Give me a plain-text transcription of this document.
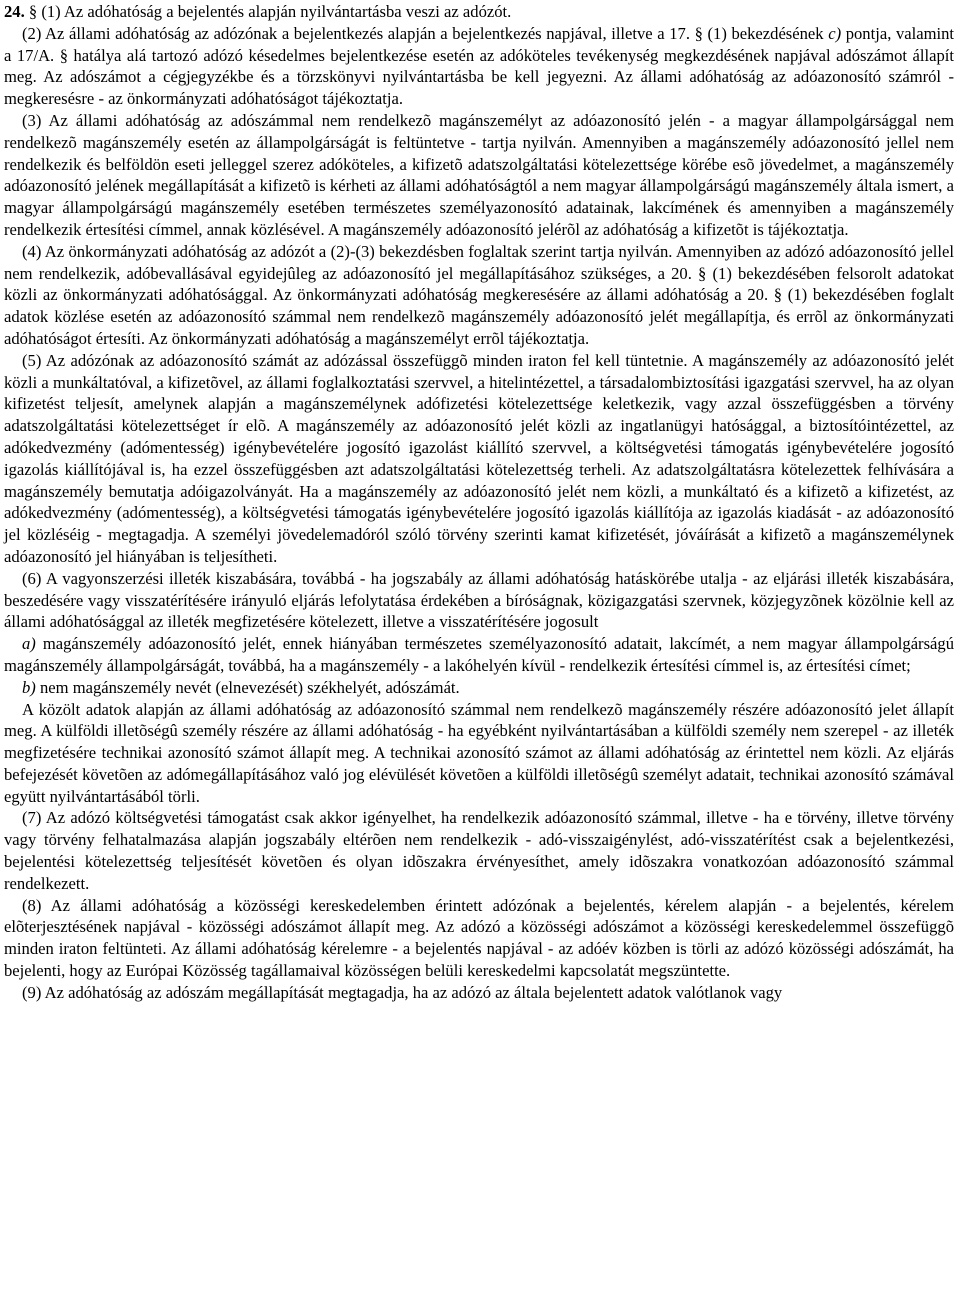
24. § (1) Az adóhatóság a bejelentés alapján nyilvántartásba veszi az adózót.

(2) Az állami adóhatóság az adózónak a bejelentkezés alapján a bejelentkezés napjával, illetve a 17. § (1) bekezdésének c) pontja, valamint a 17/A. § hatálya alá tartozó adózó késedelmes bejelentkezése esetén az adóköteles tevékenység megkezdésének napjával adószámot állapít meg. Az adószámot a cégjegyzékbe és a törzskönyvi nyilvántartásba be kell jegyezni. Az állami adóhatóság az adóazonosító számról - megkeresésre - az önkormányzati adóhatóságot tájékoztatja.

(3) Az állami adóhatóság az adószámmal nem rendelkezõ magánszemélyt az adóazonosító jelén - a magyar állampolgársággal nem rendelkezõ magánszemély esetén az állampolgárságát is feltüntetve - tartja nyilván. Amennyiben a magánszemély adóazonosító jellel nem rendelkezik és belföldön eseti jelleggel szerez adóköteles, a kifizetõ adatszolgáltatási kötelezettsége körébe esõ jövedelmet, a magánszemély adóazonosító jelének megállapítását a kifizetõ is kérheti az állami adóhatóságtól a nem magyar állampolgárságú magánszemély általa ismert, a magyar állampolgárságú magánszemély esetében természetes személyazonosító adatainak, lakcímének és amennyiben a magánszemély rendelkezik értesítési címmel, annak közlésével. A magánszemély adóazonosító jelérõl az adóhatóság a kifizetõt is tájékoztatja.

(4) Az önkormányzati adóhatóság az adózót a (2)-(3) bekezdésben foglaltak szerint tartja nyilván. Amennyiben az adózó adóazonosító jellel nem rendelkezik, adóbevallásával egyidejûleg az adóazonosító jel megállapításához szükséges, a 20. § (1) bekezdésében felsorolt adatokat közli az önkormányzati adóhatósággal. Az önkormányzati adóhatóság megkeresésére az állami adóhatóság a 20. § (1) bekezdésében foglalt adatok közlése esetén az adóazonosító számmal nem rendelkezõ magánszemély adóazonosító jelét megállapítja, és errõl az önkormányzati adóhatóságot értesíti. Az önkormányzati adóhatóság a magánszemélyt errõl tájékoztatja.

(5) Az adózónak az adóazonosító számát az adózással összefüggõ minden iraton fel kell tüntetnie. A magánszemély az adóazonosító jelét közli a munkáltatóval, a kifizetõvel, az állami foglalkoztatási szervvel, a hitelintézettel, a társadalombiztosítási igazgatási szervvel, ha az olyan kifizetést teljesít, amelynek alapján a magánszemélynek adófizetési kötelezettsége keletkezik, vagy azzal összefüggésben a törvény adatszolgáltatási kötelezettséget ír elõ. A magánszemély az adóazonosító jelét közli az ingatlanügyi hatósággal, a biztosítóintézettel, az adókedvezmény (adómentesség) igénybevételére jogosító igazolást kiállító szervvel, a költségvetési támogatás igénybevételére jogosító igazolás kiállítójával is, ha ezzel összefüggésben azt adatszolgáltatási kötelezettség terheli. Az adatszolgáltatásra kötelezettek felhívására a magánszemély bemutatja adóigazolványát. Ha a magánszemély az adóazonosító jelét nem közli, a munkáltató és a kifizetõ a kifizetést, az adókedvezmény (adómentesség), a költségvetési támogatás igénybevételére jogosító igazolás kiállítója az igazolás kiadását - az adóazonosító jel közléséig - megtagadja. A személyi jövedelemadóról szóló törvény szerinti kamat kifizetését, jóváírását a kifizetõ a magánszemélynek adóazonosító jel hiányában is teljesítheti.

(6) A vagyonszerzési illeték kiszabására, továbbá - ha jogszabály az állami adóhatóság hatáskörébe utalja - az eljárási illeték kiszabására, beszedésére vagy visszatérítésére irányuló eljárás lefolytatása érdekében a bíróságnak, közigazgatási szervnek, közjegyzõnek közölnie kell az állami adóhatósággal az illeték megfizetésére kötelezett, illetve a visszatérítésére jogosult

a) magánszemély adóazonosító jelét, ennek hiányában természetes személyazonosító adatait, lakcímét, a nem magyar állampolgárságú magánszemély állampolgárságát, továbbá, ha a magánszemély - a lakóhelyén kívül - rendelkezik értesítési címmel is, az értesítési címet;

b) nem magánszemély nevét (elnevezését) székhelyét, adószámát.

A közölt adatok alapján az állami adóhatóság az adóazonosító számmal nem rendelkezõ magánszemély részére adóazonosító jelet állapít meg. A külföldi illetõségû személy részére az állami adóhatóság - ha egyébként nyilvántartásában a külföldi személy nem szerepel - az illeték megfizetésére technikai azonosító számot állapít meg. A technikai azonosító számot az állami adóhatóság az érintettel nem közli. Az eljárás befejezését követõen az adómegállapításához való jog elévülését követõen a külföldi illetõségû személyt adatait, technikai azonosító számával együtt nyilvántartásából törli.

(7) Az adózó költségvetési támogatást csak akkor igényelhet, ha rendelkezik adóazonosító számmal, illetve - ha e törvény, illetve törvény vagy törvény felhatalmazása alapján jogszabály eltérõen nem rendelkezik - adó-visszaigénylést, adó-visszatérítést csak a bejelentkezési, bejelentési kötelezettség teljesítését követõen és olyan idõszakra érvényesíthet, amely idõszakra vonatkozóan adóazonosító számmal rendelkezett.

(8) Az állami adóhatóság a közösségi kereskedelemben érintett adózónak a bejelentés, kérelem alapján - a bejelentés, kérelem elõterjesztésének napjával - közösségi adószámot állapít meg. Az adózó a közösségi adószámot a közösségi kereskedelemmel összefüggõ minden iraton feltünteti. Az állami adóhatóság kérelemre - a bejelentés napjával - az adóév közben is törli az adózó közösségi adószámát, ha bejelenti, hogy az Európai Közösség tagállamaival közösségen belüli kereskedelmi kapcsolatát megszüntette.

(9) Az adóhatóság az adószám megállapítását megtagadja, ha az adózó az általa bejelentett adatok valótlanok vagy
